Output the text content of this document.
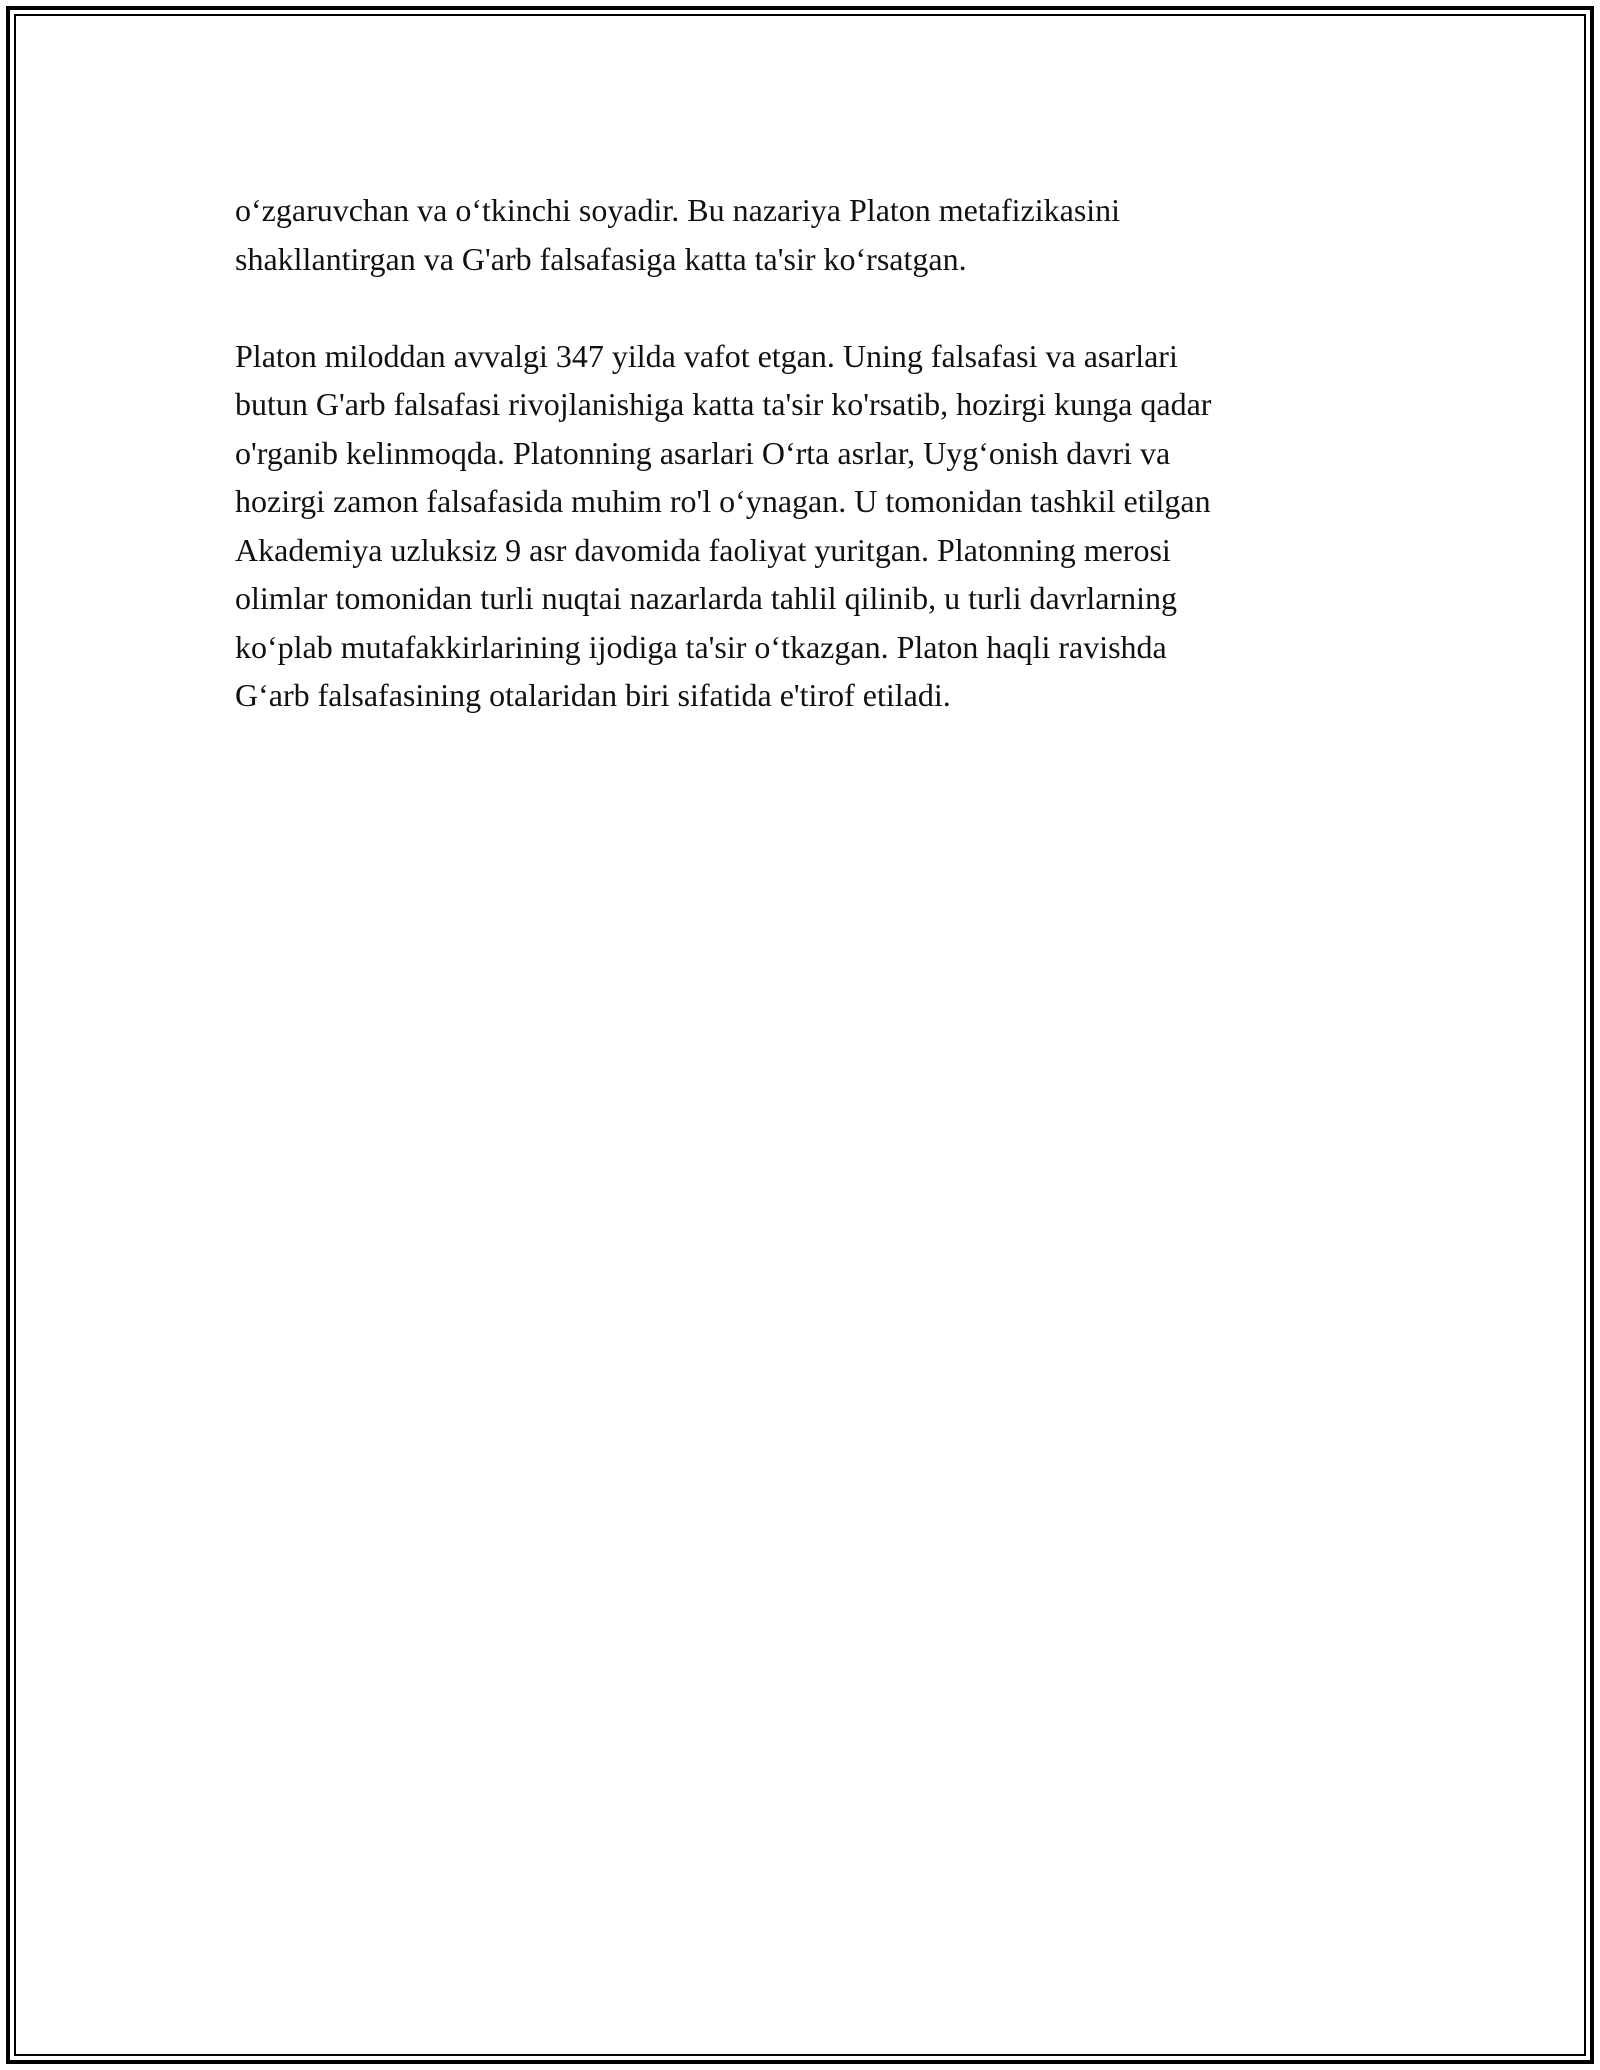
o‘zgaruvchan va o‘tkinchi soyadir. Bu nazariya Platon metafizikasini
shakllantirgan va G'arb falsafasiga katta ta'sir ko‘rsatgan.
Platon miloddan avvalgi 347 yilda vafot etgan. Uning falsafasi va asarlari
butun G'arb falsafasi rivojlanishiga katta ta'sir ko'rsatib, hozirgi kunga qadar
o'rganib kelinmoqda. Platonning asarlari O‘rta asrlar, Uyg‘onish davri va
hozirgi zamon falsafasida muhim ro'l o‘ynagan. U tomonidan tashkil etilgan
Akademiya uzluksiz 9 asr davomida faoliyat yuritgan. Platonning merosi
olimlar tomonidan turli nuqtai nazarlarda tahlil qilinib, u turli davrlarning
ko‘plab mutafakkirlarining ijodiga ta'sir o‘tkazgan. Platon haqli ravishda
G‘arb falsafasining otalaridan biri sifatida e'tirof etiladi.
